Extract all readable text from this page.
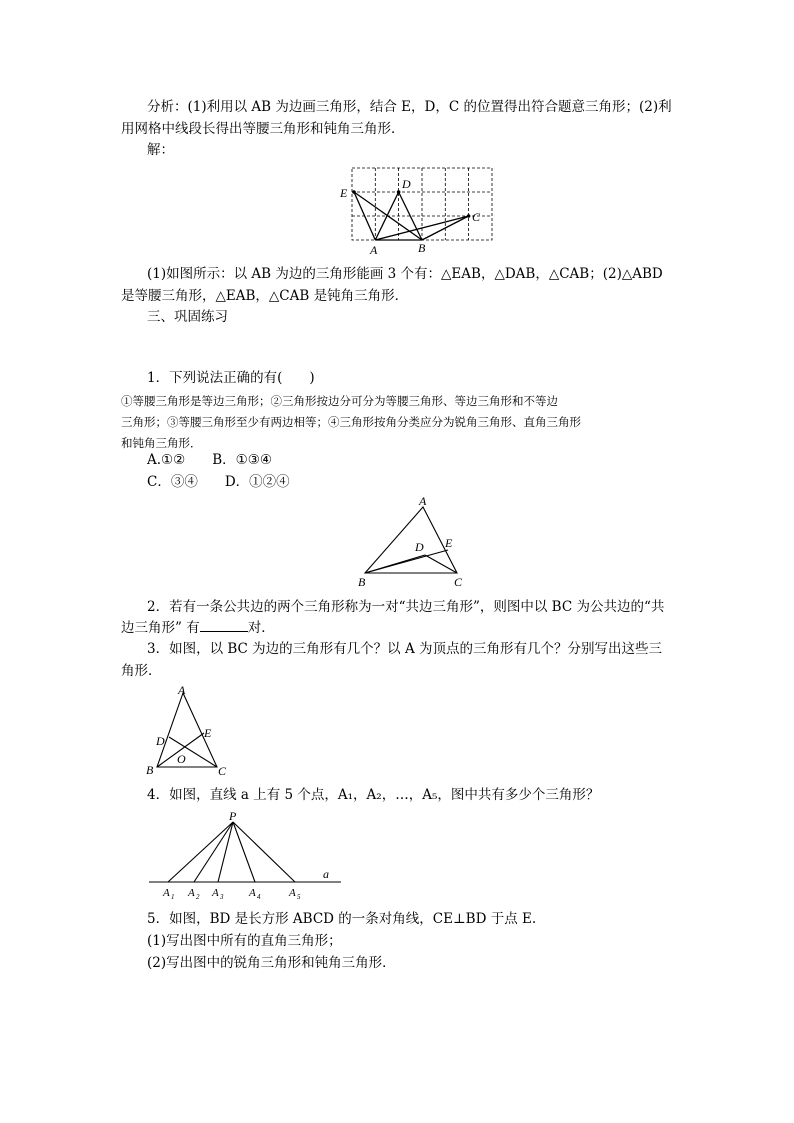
分析：(1)利用以 AB 为边画三角形，结合 E，D，C 的位置得出符合题意三角形；(2)利
用网格中线段长得出等腰三角形和钝角三角形．
解：
E
D
C
A	B
(1)如图所示：以 AB 为边的三角形能画 3 个有：△EAB，△DAB，△CAB；(2)△ABD
是等腰三角形，△EAB，△CAB 是钝角三角形．
三、巩固练习
1．下列说法正确的有(　　)
①等腰三角形是等边三角形；②三角形按边分可分为等腰三角形、等边三角形和不等边
三角形；③等腰三角形至少有两边相等；④三角形按角分类应分为锐角三角形、直角三角形
和钝角三角形．
A.①②　　B．①③④
C．③④　　D．①②④
A
D E
B	C
2．若有一条公共边的两个三角形称为一对“共边三角形”，则图中以 BC 为公共边的“共
边三角形” 有	对．
3．如图，以 BC 为边的三角形有几个？以 A 为顶点的三角形有几个？分别写出这些三
角形．
A
D
E
O
B	C
4．如图，直线 a 上有 5 个点，A₁，A₂，…，A₅，图中共有多少个三角形？
P
a
A 1 A 2 A 3 A 4	A 5
5．如图，BD 是长方形 ABCD 的一条对角线，CE⊥BD 于点 E.
(1)写出图中所有的直角三角形；
(2)写出图中的锐角三角形和钝角三角形．
